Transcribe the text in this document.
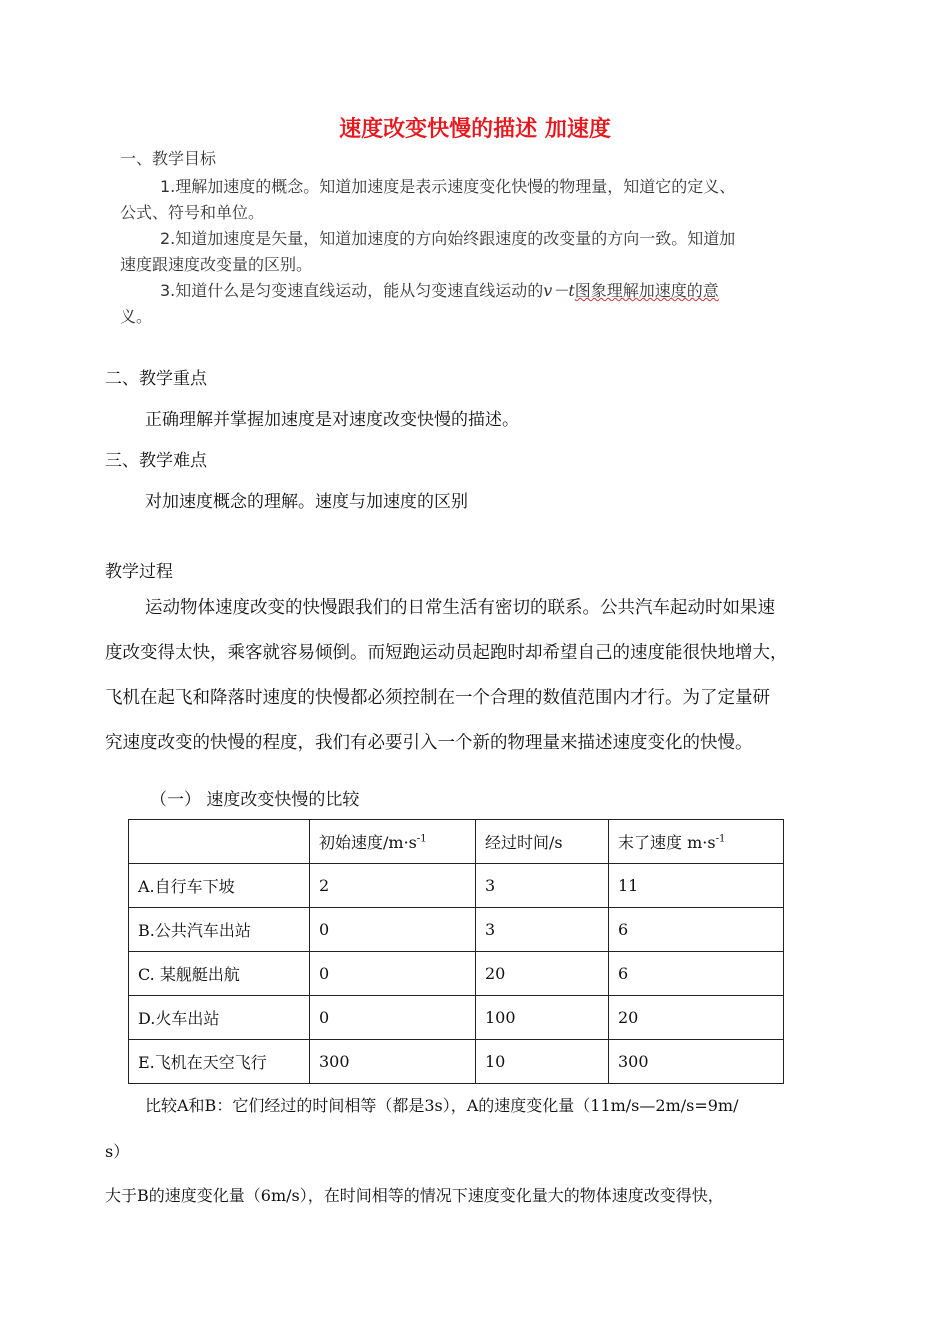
速度改变快慢的描述 加速度
一、教学目标
1.理解加速度的概念。知道加速度是表示速度变化快慢的物理量，知道它的定义、
公式、符号和单位。
2.知道加速度是矢量，知道加速度的方向始终跟速度的改变量的方向一致。知道加
速度跟速度改变量的区别。
3.知道什么是匀变速直线运动，能从匀变速直线运动的v－t图象理解加速度的意
义。
二、教学重点
正确理解并掌握加速度是对速度改变快慢的描述。
三、教学难点
对加速度概念的理解。速度与加速度的区别
教学过程
运动物体速度改变的快慢跟我们的日常生活有密切的联系。公共汽车起动时如果速
度改变得太快，乘客就容易倾倒。而短跑运动员起跑时却希望自己的速度能很快地增大，
飞机在起飞和降落时速度的快慢都必须控制在一个合理的数值范围内才行。为了定量研
究速度改变的快慢的程度，我们有必要引入一个新的物理量来描述速度变化的快慢。
（一） 速度改变快慢的比较
	初始速度$/m\cdot s^{-1}$	经过时间/s	末了速度 $m\cdot s^{-1}$
A.自行车下坡	2	3	11
B.公共汽车出站	0	3	6
C. 某舰艇出航	0	20	6
D.火车出站	0	100	20
E.飞机在天空飞行	300	10	300
比较A和B：它们经过的时间相等（都是3s），A的速度变化量（11m/s—2m/s=9m/
s）
大于B的速度变化量（6m/s），在时间相等的情况下速度变化量大的物体速度改变得快，
